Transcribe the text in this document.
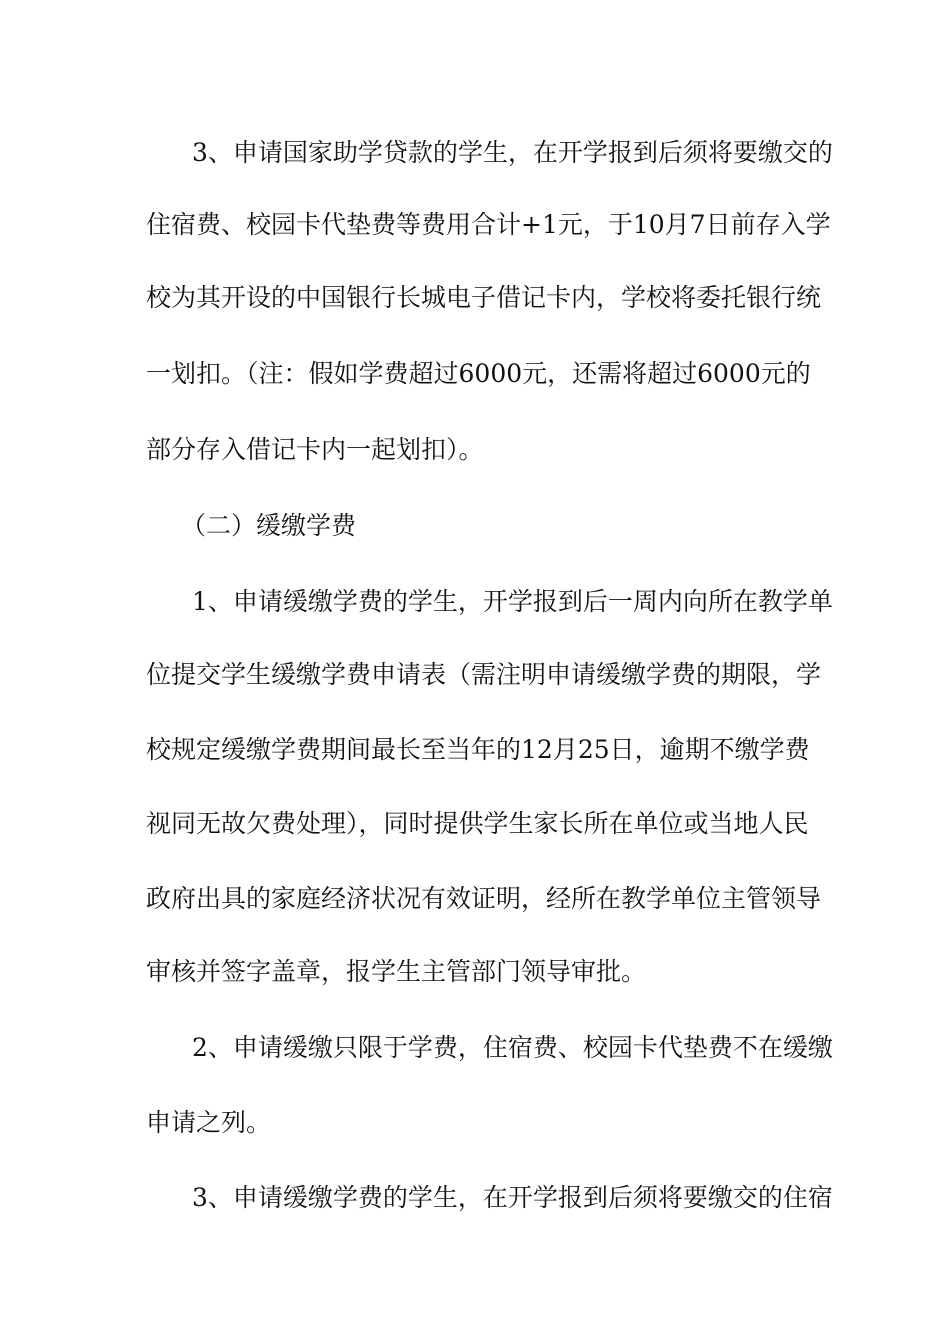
3、申请国家助学贷款的学生，在开学报到后须将要缴交的
住宿费、校园卡代垫费等费用合计+1元，于10月7日前存入学
校为其开设的中国银行长城电子借记卡内，学校将委托银行统
一划扣。（注：假如学费超过6000元，还需将超过6000元的
部分存入借记卡内一起划扣）。
（二）缓缴学费
1、申请缓缴学费的学生，开学报到后一周内向所在教学单
位提交学生缓缴学费申请表（需注明申请缓缴学费的期限，学
校规定缓缴学费期间最长至当年的12月25日，逾期不缴学费
视同无故欠费处理），同时提供学生家长所在单位或当地人民
政府出具的家庭经济状况有效证明，经所在教学单位主管领导
审核并签字盖章，报学生主管部门领导审批。
2、申请缓缴只限于学费，住宿费、校园卡代垫费不在缓缴
申请之列。
3、申请缓缴学费的学生，在开学报到后须将要缴交的住宿
